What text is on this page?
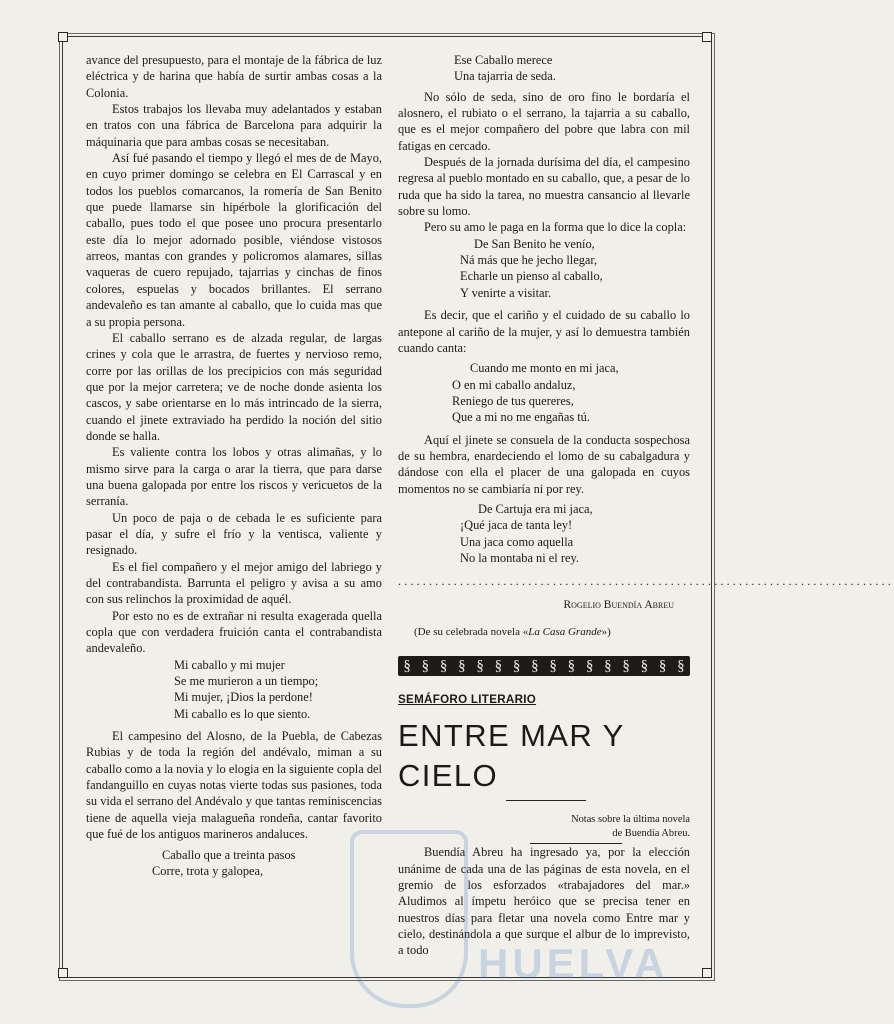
avance del presupuesto, para el montaje de la fábrica de luz eléctrica y de harina que había de surtir ambas cosas a la Colonia.

Estos trabajos los llevaba muy adelantados y estaban en tratos con una fábrica de Barcelona para adquirir la máquinaria que para ambas cosas se necesitaban.

Así fué pasando el tiempo y llegó el mes de de Mayo, en cuyo primer domingo se celebra en El Carrascal y en todos los pueblos comarcanos, la romería de San Benito que puede llamarse sin hipérbole la glorificación del caballo, pues todo el que posee uno procura presentarlo este día lo mejor adornado posible, viéndose vistosos arreos, mantas con grandes y policromos alamares, sillas vaqueras de cuero repujado, tajarrias y cinchas de finos colores, espuelas y bocados brillantes. El serrano andevaleño es tan amante al caballo, que lo cuida mas que a su propia persona.

El caballo serrano es de alzada regular, de largas crines y cola que le arrastra, de fuertes y nervioso remo, corre por las orillas de los precipicios con más seguridad que por la mejor carretera; ve de noche donde asienta los cascos, y sabe orientarse en lo más intrincado de la sierra, cuando el jinete extraviado ha perdido la noción del sitio donde se halla.

Es valiente contra los lobos y otras alimañas, y lo mismo sirve para la carga o arar la tierra, que para darse una buena galopada por entre los riscos y vericuetos de la serranía.

Un poco de paja o de cebada le es suficiente para pasar el día, y sufre el frío y la ventisca, valiente y resignado.

Es el fiel compañero y el mejor amigo del labriego y del contrabandista. Barrunta el peligro y avisa a su amo con sus relinchos la proximidad de aquél.

Por esto no es de extrañar ni resulta exagerada quella copla que con verdadera fruición canta el contrabandista andevaleño.

Mi caballo y mi mujer
Se me murieron a un tiempo;
Mi mujer, ¡Dios la perdone!
Mi caballo es lo que siento.

El campesino del Alosno, de la Puebla, de Cabezas Rubias y de toda la región del andévalo, miman a su caballo como a la novia y lo elogia en la siguiente copla del fandanguillo en cuyas notas vierte todas sus pasiones, toda su vida el serrano del Andévalo y que tantas reminiscencias tiene de aquella vieja malagueña rondeña, cantar favorito que fué de los antiguos marineros andaluces.

Caballo que a treinta pasos
Corre, trota y galopea,
Ese Caballo merece
Una tajarria de seda.

No sólo de seda, sino de oro fino le bordaría el alosnero, el rubiato o el serrano, la tajarria a su caballo, que es el mejor compañero del pobre que labra con mil fatigas en cercado.

Después de la jornada durísima del día, el campesino regresa al pueblo montado en su caballo, que, a pesar de lo ruda que ha sido la tarea, no muestra cansancio al llevarle sobre su lomo.

Pero su amo le paga en la forma que lo dice la copla:

De San Benito he venío,
Ná más que he jecho llegar,
Echarle un pienso al caballo,
Y venirte a visitar.

Es decir, que el cariño y el cuidado de su caballo lo antepone al cariño de la mujer, y así lo demuestra también cuando canta:

Cuando me monto en mi jaca,
O en mi caballo andaluz,
Reniego de tus quereres,
Que a mi no me engañas tú.

Aquí el jinete se consuela de la conducta sospechosa de su hembra, enardeciendo el lomo de su cabalgadura y dándose con ella el placer de una galopada en cuyos momentos no se cambiaría ni por rey.

De Cartuja era mi jaca,
¡Qué jaca de tanta ley!
Una jaca como aquella
No la montaba ni el rey.
................................................................................
Rogelio Buendía Abreu
(De su celebrada novela «La Casa Grande»)
§ § § § § § § § § § § § § § § §
SEMÁFORO LITERARIO
ENTRE MAR Y CIELO
Notas sobre la última novela
de Buendía Abreu.

Buendía Abreu ha ingresado ya, por la elección unánime de cada una de las páginas de esta novela, en el gremio de los esforzados «trabajadores del mar.» Aludimos al ímpetu heróico que se precisa tener en nuestros días para fletar una novela como Entre mar y cielo, destinándola a que surque el albur de lo imprevisto, a todo	HUELVA
